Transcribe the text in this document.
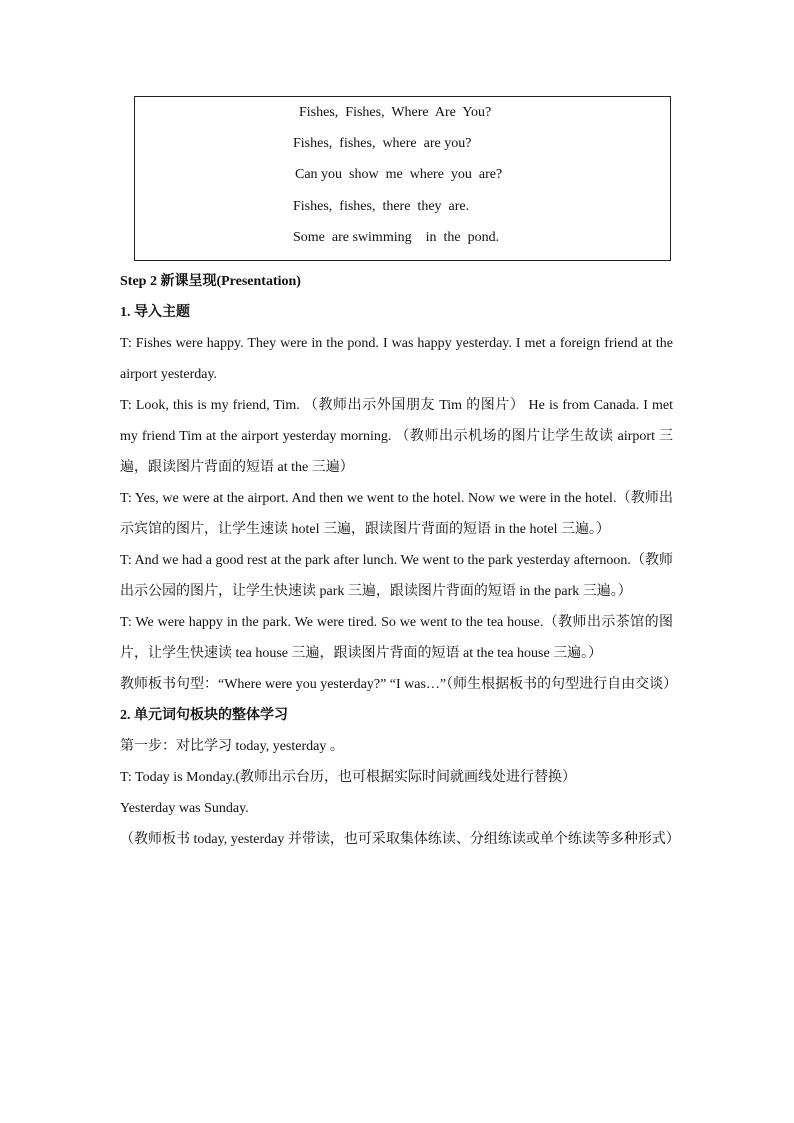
Fishes,  Fishes,  Where  Are  You?
Fishes,  fishes,  where  are you?
Can you  show  me  where  you  are?
Fishes,  fishes,  there  they  are.
Some  are swimming    in  the  pond.

Step 2 新课呈现(Presentation)

1. 导入主题

T: Fishes were happy. They were in the pond. I was happy yesterday. I met a foreign friend at the airport yesterday.

T: Look, this is my friend, Tim. （教师出示外国朋友 Tim 的图片） He is from Canada. I met my friend Tim at the airport yesterday morning. （教师出示机场的图片让学生故读 airport 三遍，跟读图片背面的短语 at the 三遍）

T: Yes, we were at the airport. And then we went to the hotel. Now we were in the hotel.（教师出示宾馆的图片，让学生速读 hotel 三遍，跟读图片背面的短语 in the hotel 三遍。）

T: And we had a good rest at the park after lunch. We went to the park yesterday afternoon.（教师出示公园的图片，让学生快速读 park 三遍，跟读图片背面的短语 in the park 三遍。）

T: We were happy in the park. We were tired. So we went to the tea house.（教师出示茶馆的图片，让学生快速读 tea house 三遍，跟读图片背面的短语 at the tea house 三遍。）

教师板书句型：“Where were you yesterday?” “I was…”（师生根据板书的句型进行自由交谈）

2. 单元词句板块的整体学习

第一步：对比学习 today, yesterday 。

T: Today is Monday.(教师出示台历，也可根据实际时间就画线处进行替换）

Yesterday was Sunday.

（教师板书 today, yesterday 并带读，也可采取集体练读、分组练读或单个练读等多种形式）
